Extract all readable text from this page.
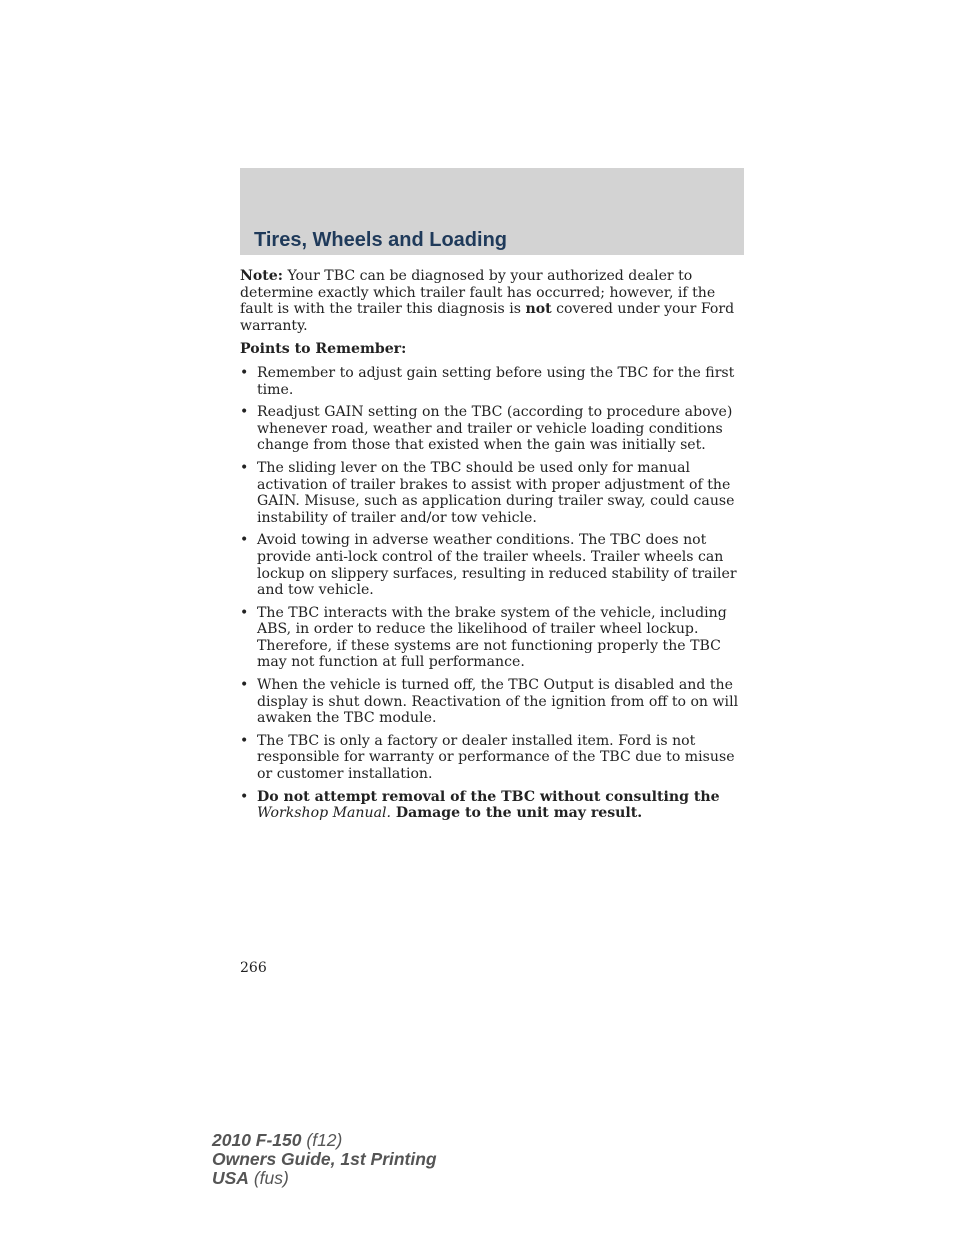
Tires, Wheels and Loading

Note: Your TBC can be diagnosed by your authorized dealer to determine exactly which trailer fault has occurred; however, if the fault is with the trailer this diagnosis is not covered under your Ford warranty.

Points to Remember:

• Remember to adjust gain setting before using the TBC for the first time.
• Readjust GAIN setting on the TBC (according to procedure above) whenever road, weather and trailer or vehicle loading conditions change from those that existed when the gain was initially set.
• The sliding lever on the TBC should be used only for manual activation of trailer brakes to assist with proper adjustment of the GAIN. Misuse, such as application during trailer sway, could cause instability of trailer and/or tow vehicle.
• Avoid towing in adverse weather conditions. The TBC does not provide anti-lock control of the trailer wheels. Trailer wheels can lockup on slippery surfaces, resulting in reduced stability of trailer and tow vehicle.
• The TBC interacts with the brake system of the vehicle, including ABS, in order to reduce the likelihood of trailer wheel lockup. Therefore, if these systems are not functioning properly the TBC may not function at full performance.
• When the vehicle is turned off, the TBC Output is disabled and the display is shut down. Reactivation of the ignition from off to on will awaken the TBC module.
• The TBC is only a factory or dealer installed item. Ford is not responsible for warranty or performance of the TBC due to misuse or customer installation.
• Do not attempt removal of the TBC without consulting the
Workshop Manual. Damage to the unit may result.
266
2010 F-150 (f12)
Owners Guide, 1st Printing
USA (fus)
